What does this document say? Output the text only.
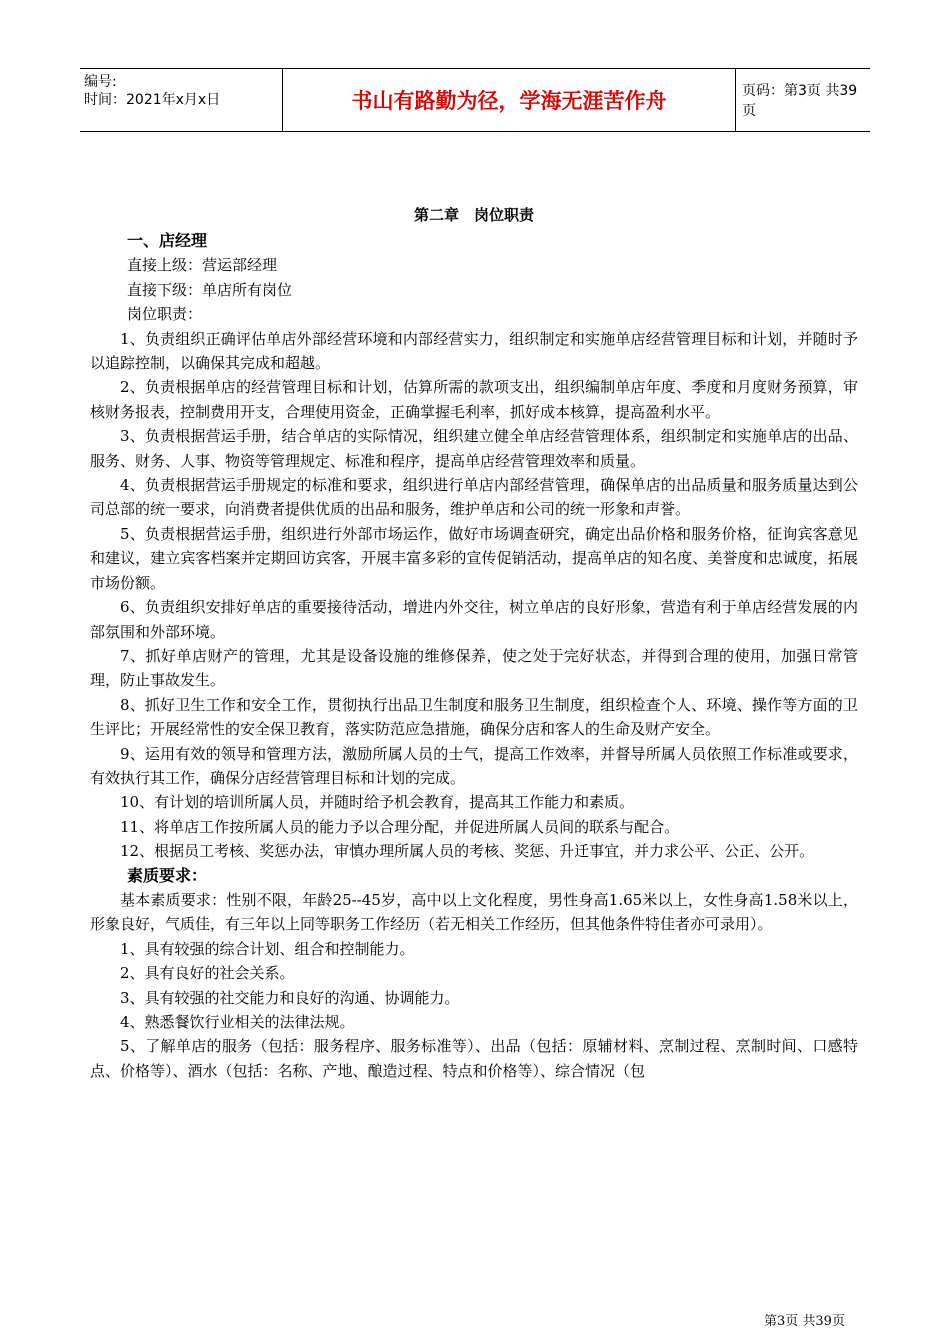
编号:
时间：2021年x月x日	书山有路勤为径，学海无涯苦作舟	页码：第3页 共39页
第二章　岗位职责
一、店经理
直接上级：营运部经理
直接下级：单店所有岗位
岗位职责：
1、负责组织正确评估单店外部经营环境和内部经营实力，组织制定和实施单店经营管理目标和计划，并随时予以追踪控制，以确保其完成和超越。
2、负责根据单店的经营管理目标和计划，估算所需的款项支出，组织编制单店年度、季度和月度财务预算，审核财务报表，控制费用开支，合理使用资金，正确掌握毛利率，抓好成本核算，提高盈利水平。
3、负责根据营运手册，结合单店的实际情况，组织建立健全单店经营管理体系，组织制定和实施单店的出品、服务、财务、人事、物资等管理规定、标准和程序，提高单店经营管理效率和质量。
4、负责根据营运手册规定的标准和要求，组织进行单店内部经营管理，确保单店的出品质量和服务质量达到公司总部的统一要求，向消费者提供优质的出品和服务，维护单店和公司的统一形象和声誉。
5、负责根据营运手册，组织进行外部市场运作，做好市场调查研究，确定出品价格和服务价格，征询宾客意见和建议，建立宾客档案并定期回访宾客，开展丰富多彩的宣传促销活动，提高单店的知名度、美誉度和忠诚度，拓展市场份额。
6、负责组织安排好单店的重要接待活动，增进内外交往，树立单店的良好形象，营造有利于单店经营发展的内部氛围和外部环境。
7、抓好单店财产的管理，尤其是设备设施的维修保养，使之处于完好状态，并得到合理的使用，加强日常管理，防止事故发生。
8、抓好卫生工作和安全工作，贯彻执行出品卫生制度和服务卫生制度，组织检查个人、环境、操作等方面的卫生评比；开展经常性的安全保卫教育，落实防范应急措施，确保分店和客人的生命及财产安全。
9、运用有效的领导和管理方法，激励所属人员的士气，提高工作效率，并督导所属人员依照工作标准或要求，有效执行其工作，确保分店经营管理目标和计划的完成。
10、有计划的培训所属人员，并随时给予机会教育，提高其工作能力和素质。
11、将单店工作按所属人员的能力予以合理分配，并促进所属人员间的联系与配合。
12、根据员工考核、奖惩办法，审慎办理所属人员的考核、奖惩、升迁事宜，并力求公平、公正、公开。
素质要求：
基本素质要求：性别不限，年龄25--45岁，高中以上文化程度，男性身高1.65米以上，女性身高1.58米以上，形象良好，气质佳，有三年以上同等职务工作经历（若无相关工作经历，但其他条件特佳者亦可录用）。
1、具有较强的综合计划、组合和控制能力。
2、具有良好的社会关系。
3、具有较强的社交能力和良好的沟通、协调能力。
4、熟悉餐饮行业相关的法律法规。
5、了解单店的服务（包括：服务程序、服务标准等）、出品（包括：原辅材料、烹制过程、烹制时间、口感特点、价格等）、酒水（包括：名称、产地、酿造过程、特点和价格等）、综合情况（包
第3页 共39页
